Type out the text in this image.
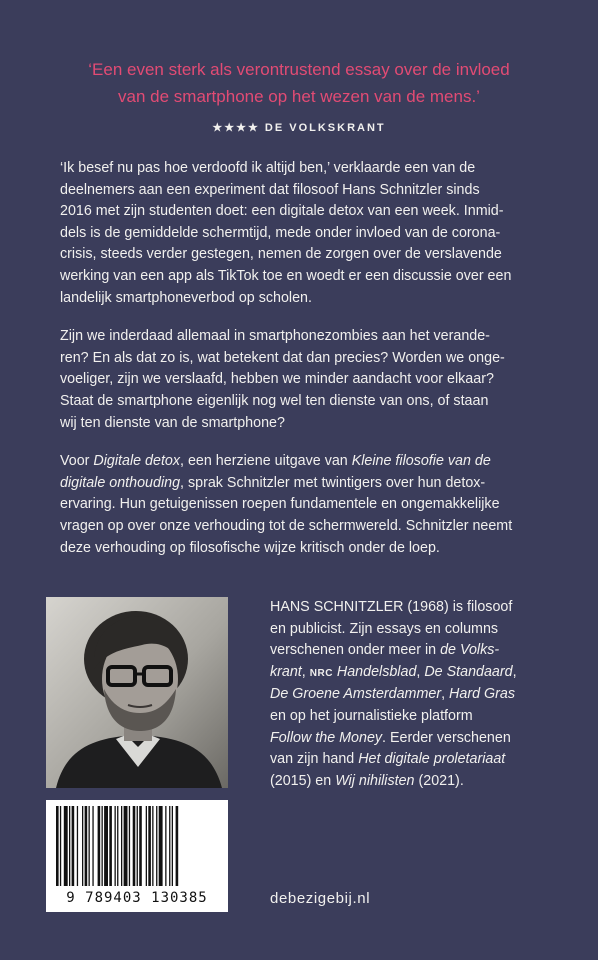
‘Een even sterk als verontrustend essay over de invloed
van de smartphone op het wezen van de mens.’
★★★★ DE VOLKSKRANT

‘Ik besef nu pas hoe verdoofd ik altijd ben,’ verklaarde een van de
deelnemers aan een experiment dat filosoof Hans Schnitzler sinds
2016 met zijn studenten doet: een digitale detox van een week. Inmid-
dels is de gemiddelde schermtijd, mede onder invloed van de corona-
crisis, steeds verder gestegen, nemen de zorgen over de verslavende
werking van een app als TikTok toe en woedt er een discussie over een
landelijk smartphoneverbod op scholen.

Zijn we inderdaad allemaal in smartphonezombies aan het verande-
ren? En als dat zo is, wat betekent dat dan precies? Worden we onge-
voeliger, zijn we verslaafd, hebben we minder aandacht voor elkaar?
Staat de smartphone eigenlijk nog wel ten dienste van ons, of staan
wij ten dienste van de smartphone?

Voor Digitale detox, een herziene uitgave van Kleine filosofie van de
digitale onthouding, sprak Schnitzler met twintigers over hun detox-
ervaring. Hun getuigenissen roepen fundamentele en ongemakkelijke
vragen op over onze verhouding tot de schermwereld. Schnitzler neemt
deze verhouding op filosofische wijze kritisch onder de loep.

HANS SCHNITZLER (1968) is filosoof
en publicist. Zijn essays en columns
verschenen onder meer in de Volks-
krant, NRC Handelsblad, De Standaard,
De Groene Amsterdammer, Hard Gras
en op het journalistieke platform
Follow the Money. Eerder verschenen
van zijn hand Het digitale proletariaat
(2015) en Wij nihilisten (2021).
9 789403 130385	debezigebij.nl
